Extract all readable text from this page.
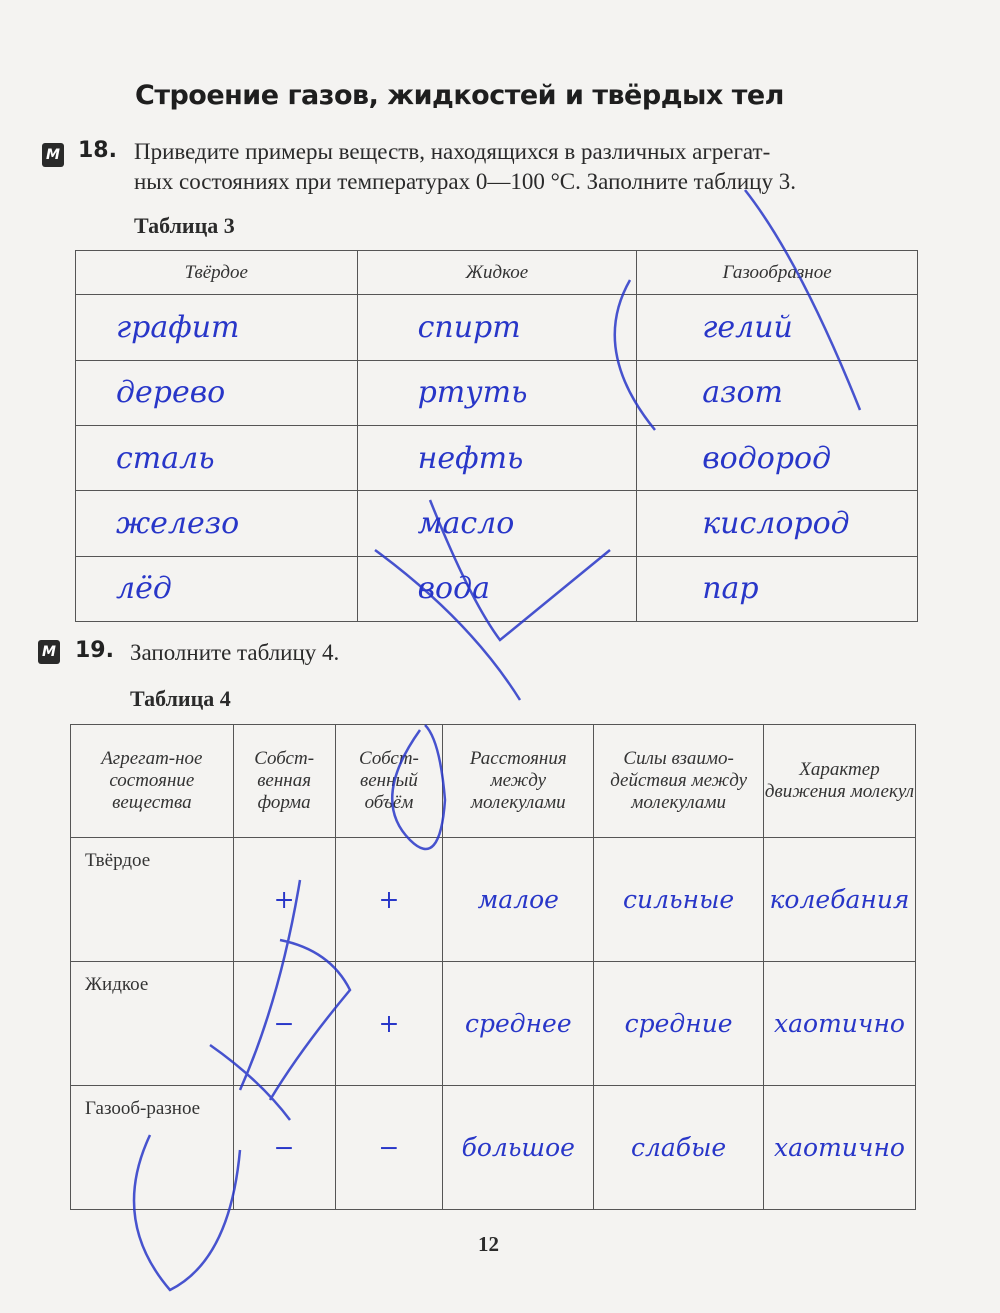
Строение газов, жидкостей и твёрдых тел
М 18. Приведите примеры веществ, находящихся в различных агрегат-
ных состояниях при температурах 0—100 °С. Заполните таблицу 3.
Таблица 3
Твёрдое	Жидкое	Газообразное
графит	спирт	гелий
дерево	ртуть	азот
сталь	нефть	водород
железо	масло	кислород
лёд	вода	пар
М 19. Заполните таблицу 4.
Таблица 4
Агрегат-ное состояние вещества	Собст-венная форма	Собст-венный объём	Расстояния между молекулами	Силы взаимо-действия между молекулами	Характер движения молекул
Твёрдое	+	+	малое	сильные	колебания
Жидкое	−	+	среднее	средние	хаотично
Газооб-разное	−	−	большое	слабые	хаотично
12
